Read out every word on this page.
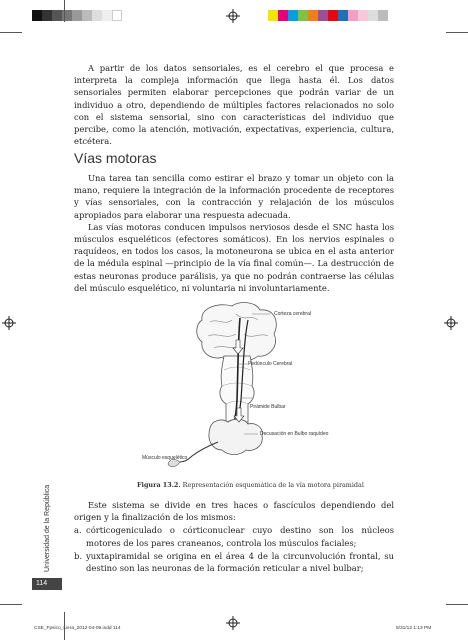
A partir de los datos sensoriales, es el cerebro el que procesa e interpreta la compleja información que llega hasta él. Los datos sensoriales permiten elaborar percepciones que podrán variar de un individuo a otro, dependiendo de múltiples factores relacionados no solo con el sistema sensorial, sino con características del individuo que percibe, como la atención, motivación, expectativas, experiencia, cultura, etcétera.

Vías motoras

Una tarea tan sencilla como estirar el brazo y tomar un objeto con la mano, requiere la integración de la información procedente de receptores y vías sensoriales, con la contracción y relajación de los músculos apropiados para elaborar una respuesta adecuada.

Las vías motoras conducen impulsos nerviosos desde el SNC hasta los músculos esqueléticos (efectores somáticos). En los nervios espinales o raquídeos, en todos los casos, la motoneurona se ubica en el asta anterior de la médula espinal —principio de la vía final común—. La destrucción de estas neuronas produce parálisis, ya que no podrán contraerse las células del músculo esquelético, ni voluntaria ni involuntariamente.

Corteza cerebral
Pedúnculo Cerebral
Pirámide Bulbar
Decusación en Bulbo raquídeo
Músculo esquelético
Figura 13.2. Representación esquemática de la vía motora piramidal

Este sistema se divide en tres haces o fascículos dependiendo del origen y la finalización de los mismos:

a. córticogeniculado o córticonuclear cuyo destino son los núcleos motores de los pares craneanos, controla los músculos faciales;
b. yuxtapiramidal se origina en el área 4 de la circunvolución frontal, su destino son las neuronas de la formación reticular a nivel bulbar;
Universidad de la República
114
CSE_Fpsico_Liera_2012-04-09.indd 114	5/31/12 1:13 PM
